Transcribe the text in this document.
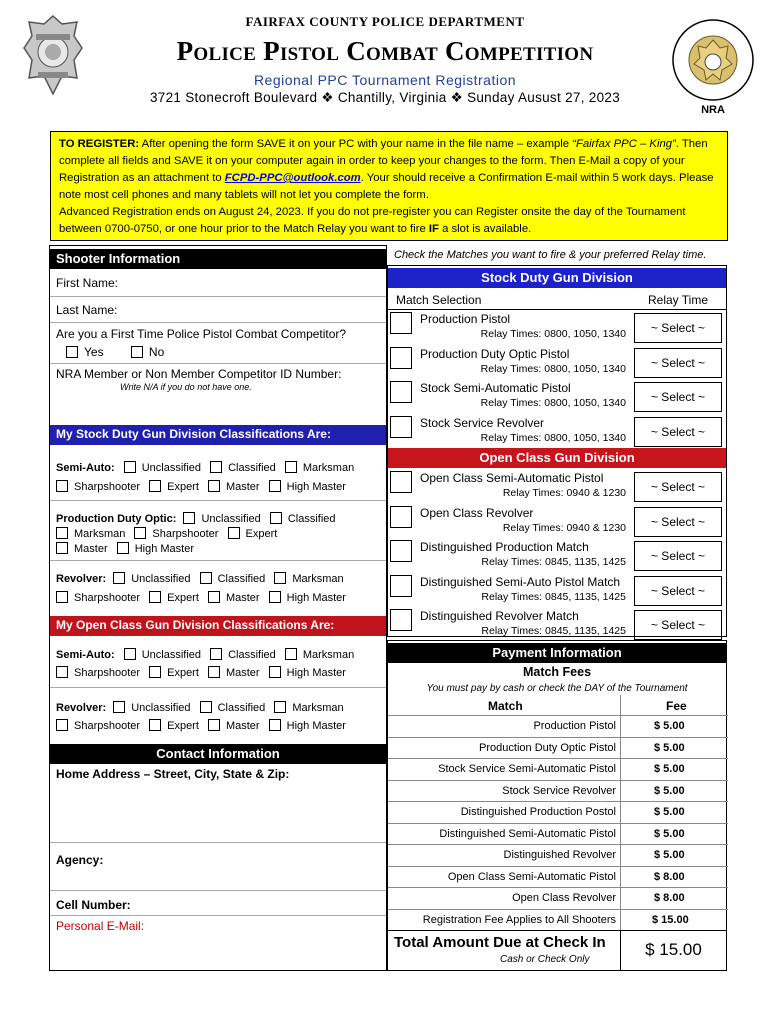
FAIRFAX COUNTY POLICE DEPARTMENT
Police Pistol Combat Competition
Regional PPC Tournament Registration
3721 Stonecroft Boulevard ❖ Chantilly, Virginia ❖ Sunday Ausust 27, 2023
NRA
TO REGISTER: After opening the form SAVE it on your PC with your name in the file name – example “Fairfax PPC – King”. Then complete all fields and SAVE it on your computer again in order to keep your changes to the form. Then E-Mail a copy of your Registration as an attachment to FCPD-PPC@outlook.com. Your should receive a Confirmation E-mail within 5 work days. Please note most cell phones and many tablets will not let you complete the form.
Advanced Registration ends on August 24, 2023. If you do not pre-register you can Register onsite the day of the Tournament between 0700-0750, or one hour prior to the Match Relay you want to fire IF a slot is available.
Shooter Information
First Name:
Last Name:
Are you a First Time Police Pistol Combat Competitor?
Yes	No
NRA Member or Non Member Competitor ID Number:
Write N/A if you do not have one.
My Stock Duty Gun Division Classifications Are:
Semi-Auto: Unclassified Classified Marksman
Sharpshooter Expert Master High Master
Production Duty Optic: Unclassified Classified
Marksman Sharpshooter Expert
Master High Master
Revolver: Unclassified Classified Marksman
Sharpshooter Expert Master High Master
My Open Class Gun Division Classifications Are:
Semi-Auto: Unclassified Classified Marksman
Sharpshooter Expert Master High Master
Revolver: Unclassified Classified Marksman
Sharpshooter Expert Master High Master
Contact Information
Home Address – Street, City, State & Zip:
Agency:
Cell Number:
Personal E-Mail:
Check the Matches you want to fire & your preferred Relay time.
Stock Duty Gun Division
Match Selection	Relay Time
Production Pistol
Relay Times: 0800, 1050, 1340	~ Select ~
Production Duty Optic Pistol
Relay Times: 0800, 1050, 1340	~ Select ~
Stock Semi-Automatic Pistol
Relay Times: 0800, 1050, 1340	~ Select ~
Stock Service Revolver
Relay Times: 0800, 1050, 1340	~ Select ~
Open Class Gun Division
Open Class Semi-Automatic Pistol
Relay Times: 0940 & 1230	~ Select ~
Open Class Revolver
Relay Times: 0940 & 1230	~ Select ~
Distinguished Production Match
Relay Times: 0845, 1135, 1425	~ Select ~
Distinguished Semi-Auto Pistol Match
Relay Times: 0845, 1135, 1425	~ Select ~
Distinguished Revolver Match
Relay Times: 0845, 1135, 1425	~ Select ~
Payment Information
Match Fees
You must pay by cash or check the DAY of the Tournament
Match	Fee
Production Pistol	$ 5.00
Production Duty Optic Pistol	$ 5.00
Stock Service Semi-Automatic Pistol	$ 5.00
Stock Service Revolver	$ 5.00
Distinguished Production Postol	$ 5.00
Distinguished Semi-Automatic Pistol	$ 5.00
Distinguished Revolver	$ 5.00
Open Class Semi-Automatic Pistol	$ 8.00
Open Class Revolver	$ 8.00
Registration Fee Applies to All Shooters	$ 15.00
Total Amount Due at Check In
Cash or Check Only
$ 15.00
